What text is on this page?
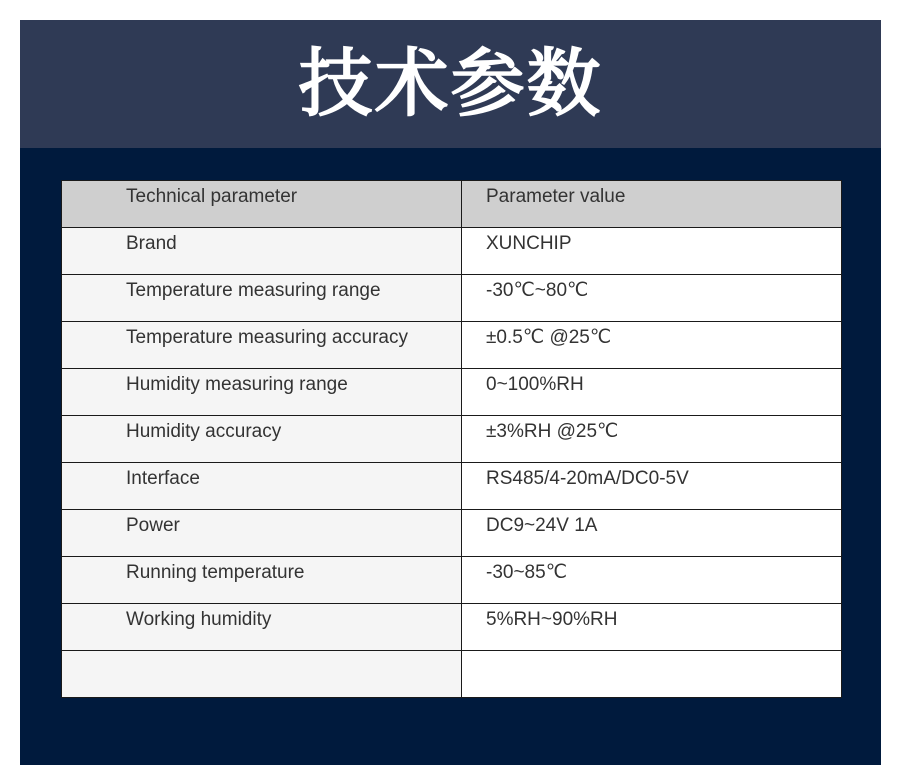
技术参数
Technical parameter	Parameter value
Brand	XUNCHIP
Temperature measuring range	-30℃~80℃
Temperature measuring accuracy	±0.5℃ @25℃
Humidity measuring range	0~100%RH
Humidity accuracy	±3%RH @25℃
Interface	RS485/4-20mA/DC0-5V
Power	DC9~24V 1A
Running temperature	-30~85℃
Working humidity	5%RH~90%RH
